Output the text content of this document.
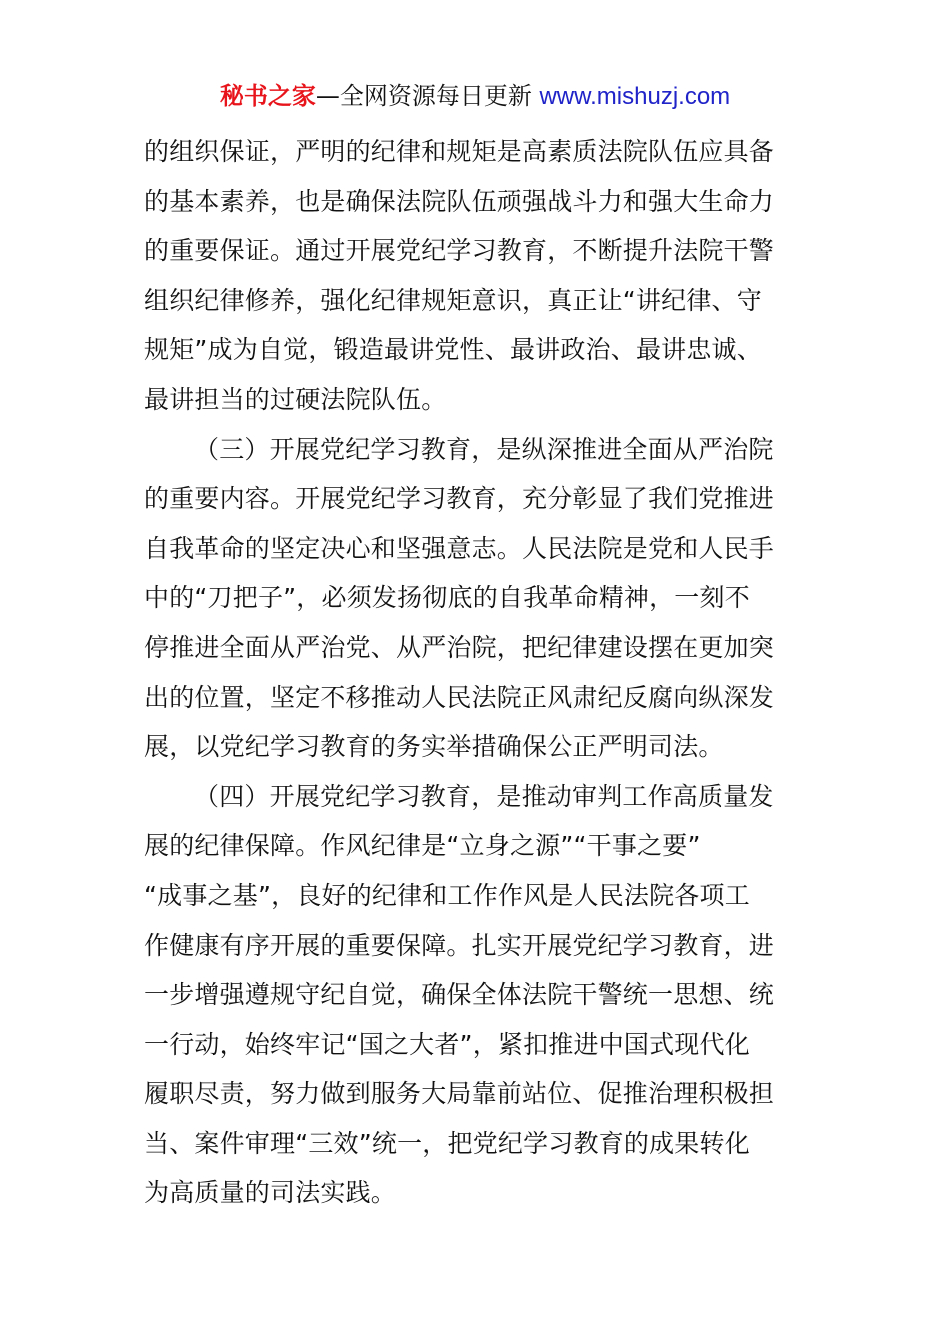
秘书之家—全网资源每日更新 www.mishuzj.com
的组织保证，严明的纪律和规矩是高素质法院队伍应具备
的基本素养，也是确保法院队伍顽强战斗力和强大生命力
的重要保证。通过开展党纪学习教育，不断提升法院干警
组织纪律修养，强化纪律规矩意识，真正让“讲纪律、守
规矩”成为自觉，锻造最讲党性、最讲政治、最讲忠诚、
最讲担当的过硬法院队伍。
（三）开展党纪学习教育，是纵深推进全面从严治院
的重要内容。开展党纪学习教育，充分彰显了我们党推进
自我革命的坚定决心和坚强意志。人民法院是党和人民手
中的“刀把子”，必须发扬彻底的自我革命精神，一刻不
停推进全面从严治党、从严治院，把纪律建设摆在更加突
出的位置，坚定不移推动人民法院正风肃纪反腐向纵深发
展，以党纪学习教育的务实举措确保公正严明司法。
（四）开展党纪学习教育，是推动审判工作高质量发
展的纪律保障。作风纪律是“立身之源”“干事之要”
“成事之基”，良好的纪律和工作作风是人民法院各项工
作健康有序开展的重要保障。扎实开展党纪学习教育，进
一步增强遵规守纪自觉，确保全体法院干警统一思想、统
一行动，始终牢记“国之大者”，紧扣推进中国式现代化
履职尽责，努力做到服务大局靠前站位、促推治理积极担
当、案件审理“三效”统一，把党纪学习教育的成果转化
为高质量的司法实践。
